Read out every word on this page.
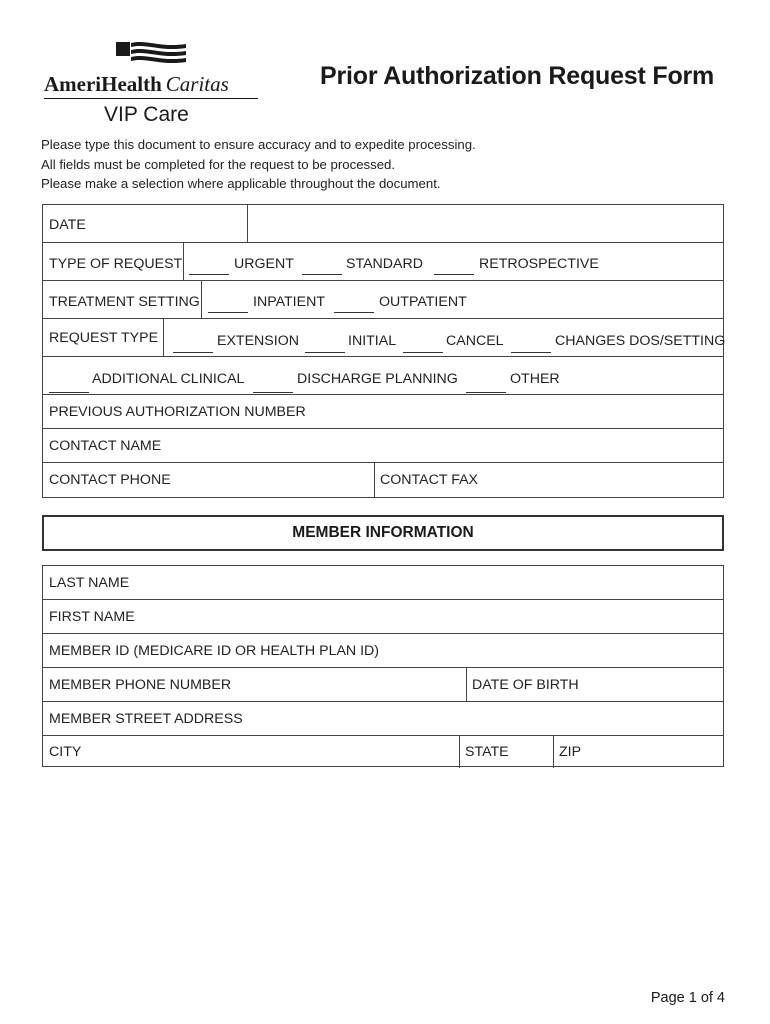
AmeriHealth Caritas
VIP Care
Prior Authorization Request Form
Please type this document to ensure accuracy and to expedite processing.
All fields must be completed for the request to be processed.
Please make a selection where applicable throughout the document.
DATE
TYPE OF REQUEST	URGENT	STANDARD	RETROSPECTIVE
TREATMENT SETTING	INPATIENT	OUTPATIENT
REQUEST TYPE	EXTENSION	INITIAL	CANCEL	CHANGES DOS/SETTING
ADDITIONAL CLINICAL	DISCHARGE PLANNING	OTHER
PREVIOUS AUTHORIZATION NUMBER
CONTACT NAME
CONTACT PHONE	CONTACT FAX
MEMBER INFORMATION
LAST NAME
FIRST NAME
MEMBER ID (MEDICARE ID OR HEALTH PLAN ID)
MEMBER PHONE NUMBER	DATE OF BIRTH
MEMBER STREET ADDRESS
CITY	STATE	ZIP
Page 1 of 4
